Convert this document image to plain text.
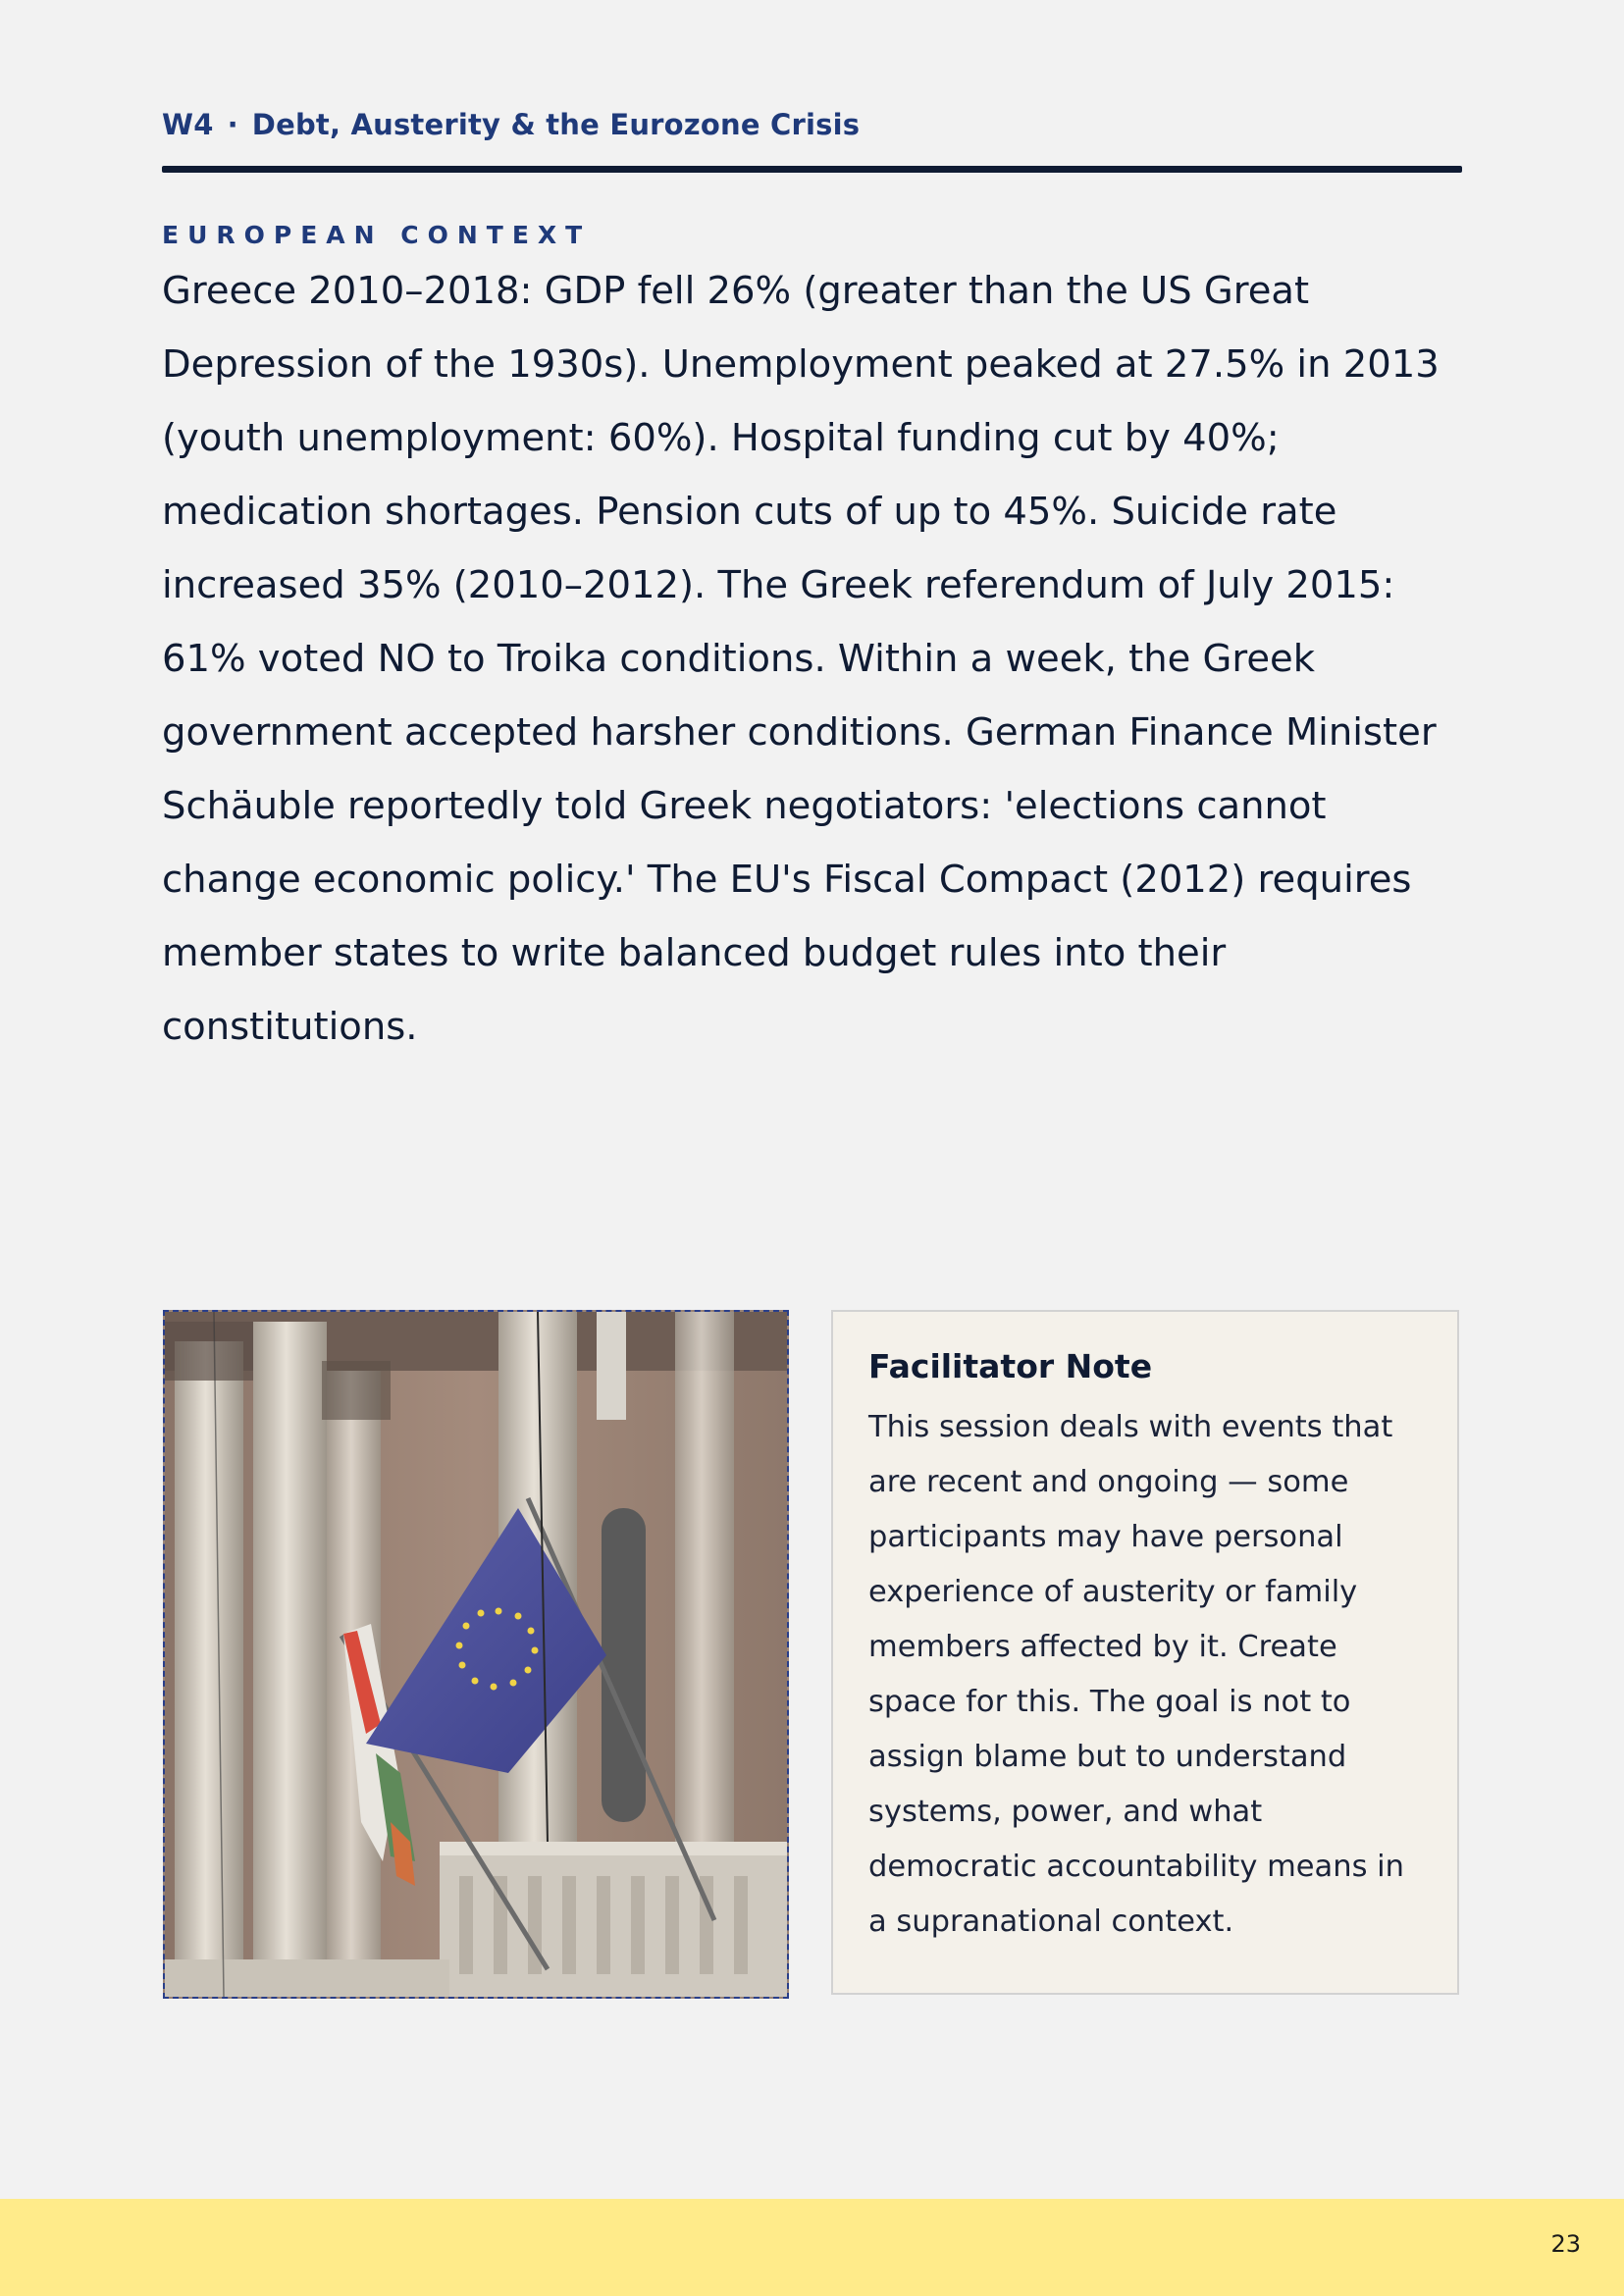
W4 · Debt, Austerity & the Eurozone Crisis
EUROPEAN CONTEXT

Greece 2010–2018: GDP fell 26% (greater than the US Great Depression of the 1930s). Unemployment peaked at 27.5% in 2013 (youth unemployment: 60%). Hospital funding cut by 40%; medication shortages. Pension cuts of up to 45%. Suicide rate increased 35% (2010–2012). The Greek referendum of July 2015: 61% voted NO to Troika conditions. Within a week, the Greek government accepted harsher conditions. German Finance Minister Schäuble reportedly told Greek negotiators: 'elections cannot change economic policy.' The EU's Fiscal Compact (2012) requires member states to write balanced budget rules into their constitutions.

Facilitator Note

This session deals with events that are recent and ongoing — some participants may have personal experience of austerity or family members affected by it. Create space for this. The goal is not to assign blame but to understand systems, power, and what democratic accountability means in a supranational context.

23
